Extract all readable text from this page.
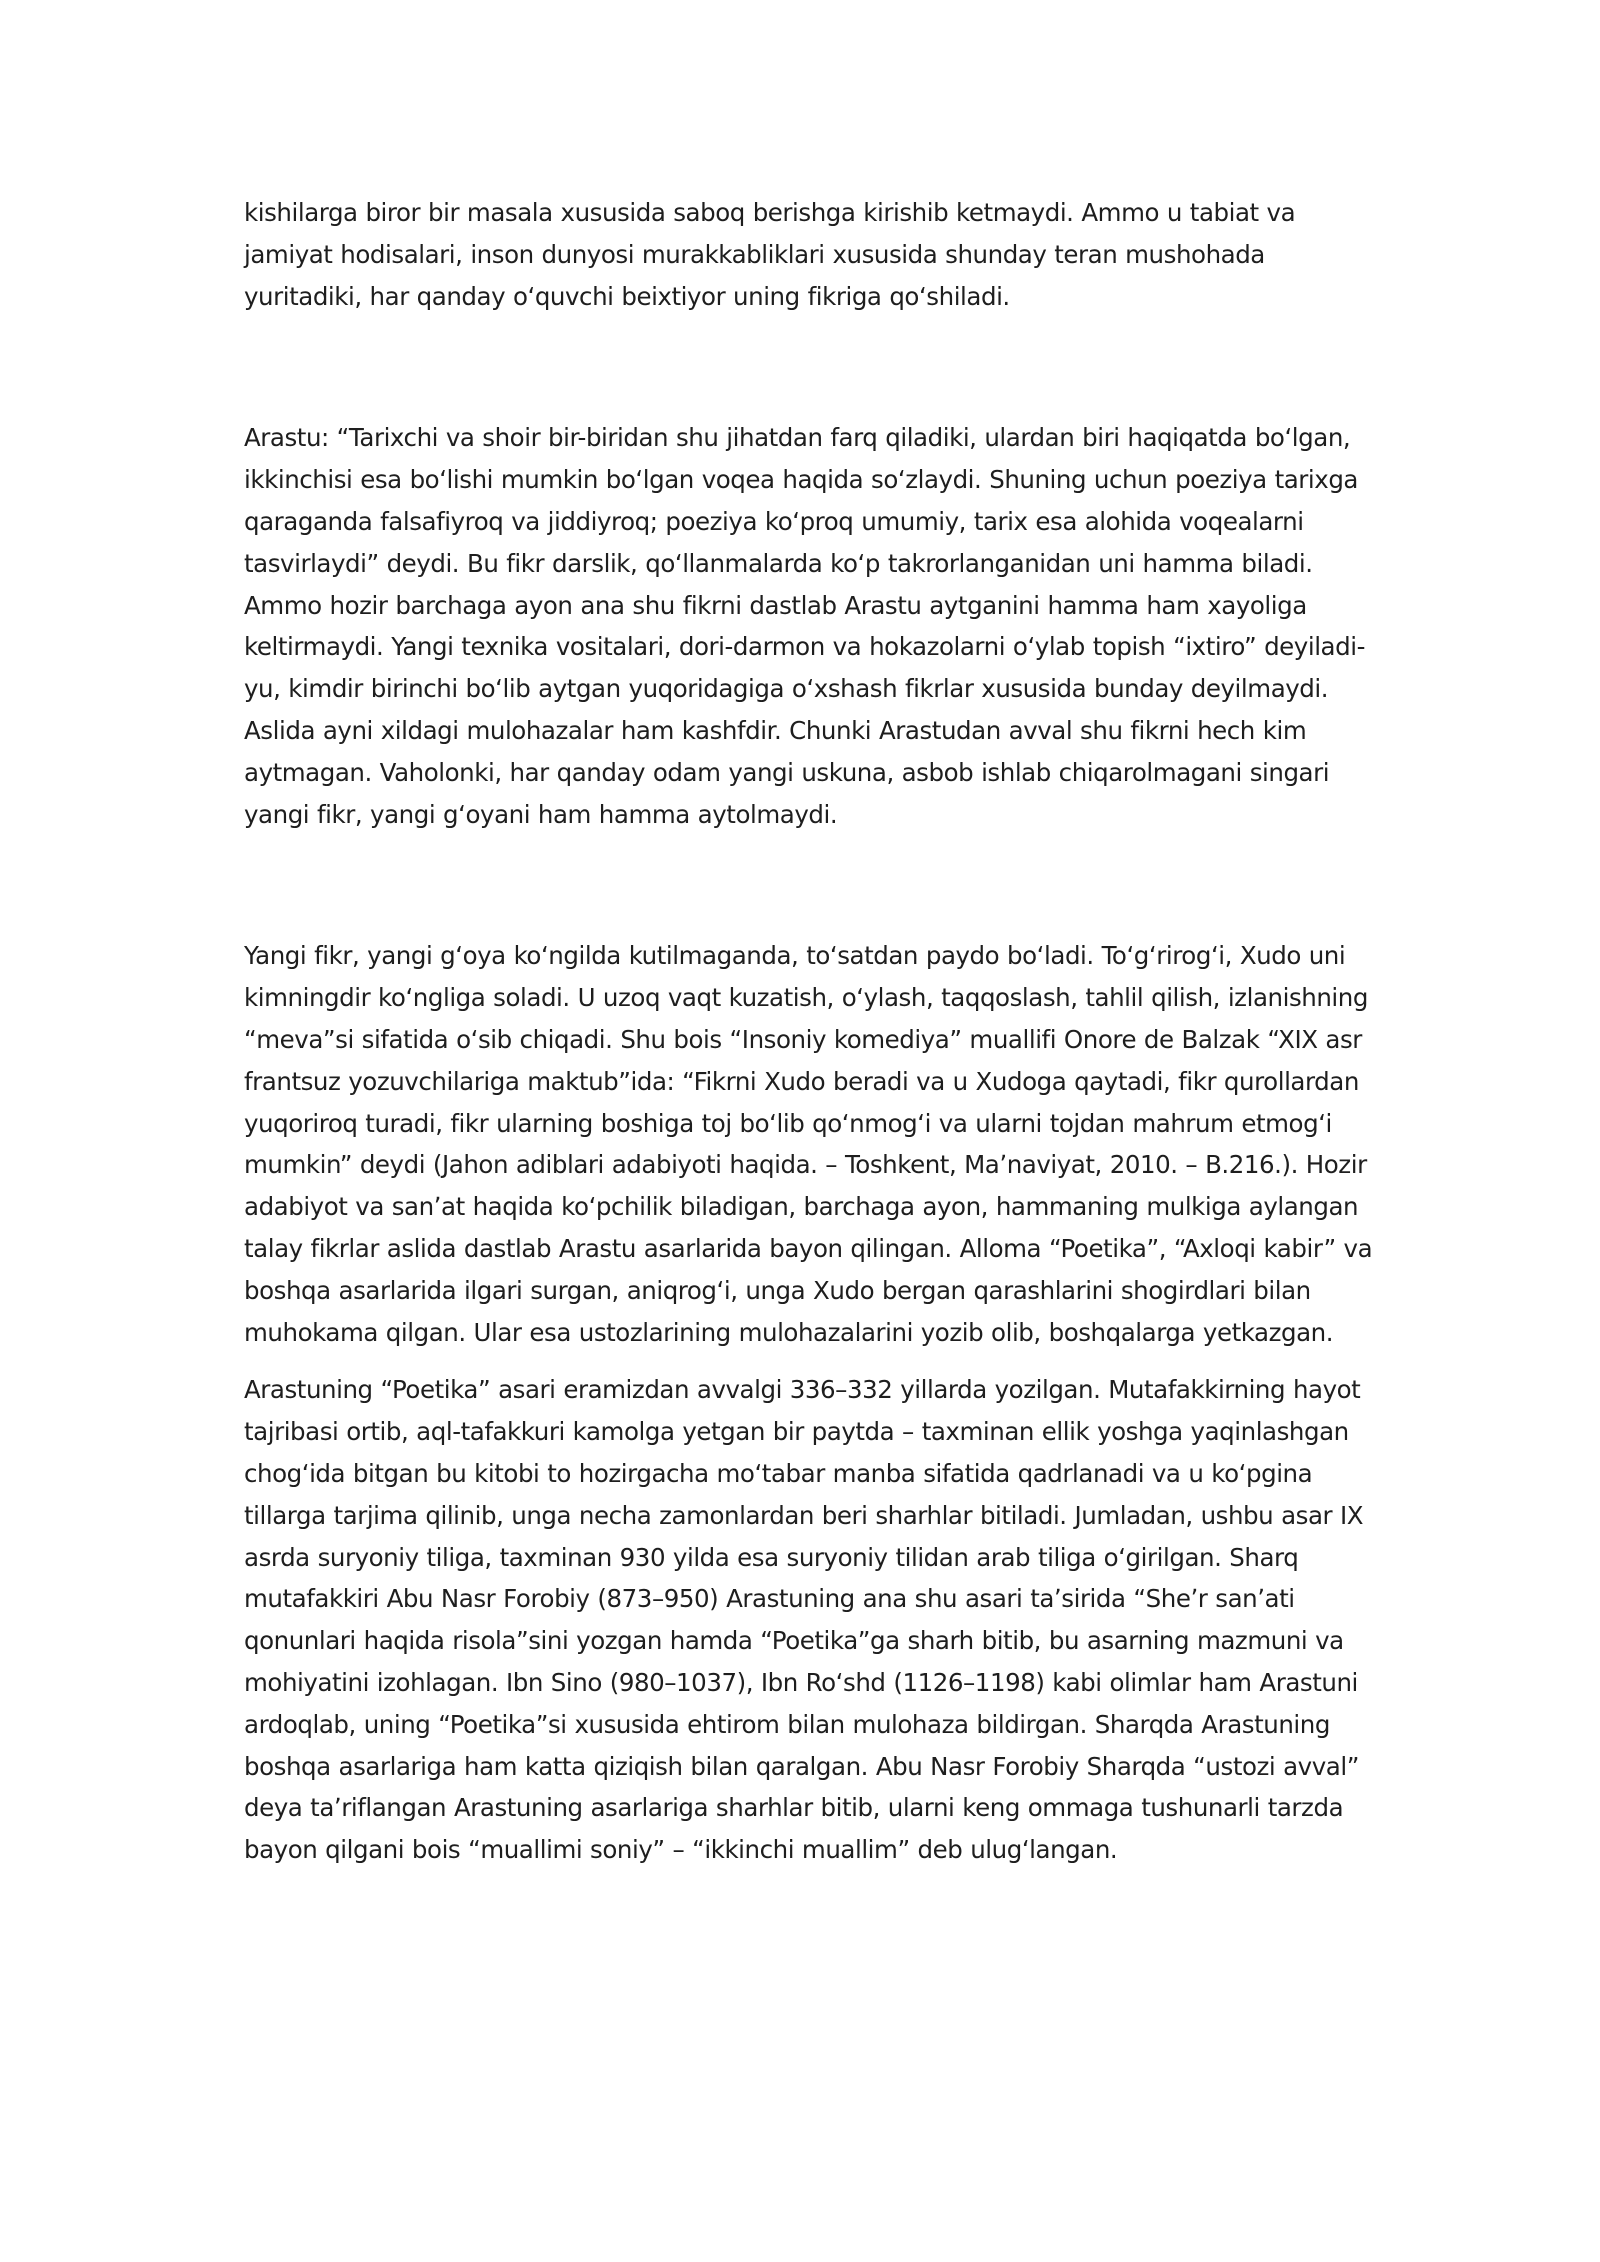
kishilarga biror bir masala xususida saboq berishga kirishib ketmaydi. Ammo u tabiat va jamiyat hodisalari, inson dunyosi murakkabliklari xususida shunday teran mushohada yuritadiki, har qanday oʻquvchi beixtiyor uning fikriga qoʻshiladi.

Arastu: “Tarixchi va shoir bir-biridan shu jihatdan farq qiladiki, ulardan biri haqiqatda boʻlgan, ikkinchisi esa boʻlishi mumkin boʻlgan voqea haqida soʻzlaydi. Shuning uchun poeziya tarixga qaraganda falsafiyroq va jiddiyroq; poeziya koʻproq umumiy, tarix esa alohida voqealarni tasvirlaydi” deydi. Bu fikr darslik, qoʻllanmalarda koʻp takrorlanganidan uni hamma biladi. Ammo hozir barchaga ayon ana shu fikrni dastlab Arastu aytganini hamma ham xayoliga keltirmaydi. Yangi texnika vositalari, dori-darmon va hokazolarni oʻylab topish “ixtiro” deyiladi-yu, kimdir birinchi boʻlib aytgan yuqoridagiga oʻxshash fikrlar xususida bunday deyilmaydi. Aslida ayni xildagi mulohazalar ham kashfdir. Chunki Arastudan avval shu fikrni hech kim aytmagan. Vaholonki, har qanday odam yangi uskuna, asbob ishlab chiqarolmagani singari yangi fikr, yangi gʻoyani ham hamma aytolmaydi.

Yangi fikr, yangi gʻoya koʻngilda kutilmaganda, toʻsatdan paydo boʻladi. Toʻgʻrirogʻi, Xudo uni kimningdir koʻngliga soladi. U uzoq vaqt kuzatish, oʻylash, taqqoslash, tahlil qilish, izlanishning “meva”si sifatida oʻsib chiqadi. Shu bois “Insoniy komediya” muallifi Onore de Balzak “XIX asr frantsuz yozuvchilariga maktub”ida: “Fikrni Xudo beradi va u Xudoga qaytadi, fikr qurollardan yuqoriroq turadi, fikr ularning boshiga toj boʻlib qoʻnmogʻi va ularni tojdan mahrum etmogʻi mumkin” deydi (Jahon adiblari adabiyoti haqida. – Toshkent, Maʼnaviyat, 2010. – B.216.). Hozir adabiyot va sanʼat haqida koʻpchilik biladigan, barchaga ayon, hammaning mulkiga aylangan talay fikrlar aslida dastlab Arastu asarlarida bayon qilingan. Alloma “Poetika”, “Axloqi kabir” va boshqa asarlarida ilgari surgan, aniqrogʻi, unga Xudo bergan qarashlarini shogirdlari bilan muhokama qilgan. Ular esa ustozlarining mulohazalarini yozib olib, boshqalarga yetkazgan.

Arastuning “Poetika” asari eramizdan avvalgi 336–332 yillarda yozilgan. Mutafakkirning hayot tajribasi ortib, aql-tafakkuri kamolga yetgan bir paytda – taxminan ellik yoshga yaqinlashgan chogʻida bitgan bu kitobi to hozirgacha moʻtabar manba sifatida qadrlanadi va u koʻpgina tillarga tarjima qilinib, unga necha zamonlardan beri sharhlar bitiladi. Jumladan, ushbu asar IX asrda suryoniy tiliga, taxminan 930 yilda esa suryoniy tilidan arab tiliga oʻgirilgan. Sharq mutafakkiri Abu Nasr Forobiy (873–950) Arastuning ana shu asari taʼsirida “Sheʼr sanʼati qonunlari haqida risola”sini yozgan hamda “Poetika”ga sharh bitib, bu asarning mazmuni va mohiyatini izohlagan. Ibn Sino (980–1037), Ibn Roʻshd (1126–1198) kabi olimlar ham Arastuni ardoqlab, uning “Poetika”si xususida ehtirom bilan mulohaza bildirgan. Sharqda Arastuning boshqa asarlariga ham katta qiziqish bilan qaralgan. Abu Nasr Forobiy Sharqda “ustozi avval” deya taʼriflangan Arastuning asarlariga sharhlar bitib, ularni keng ommaga tushunarli tarzda bayon qilgani bois “muallimi soniy” – “ikkinchi muallim” deb ulugʻlangan.
